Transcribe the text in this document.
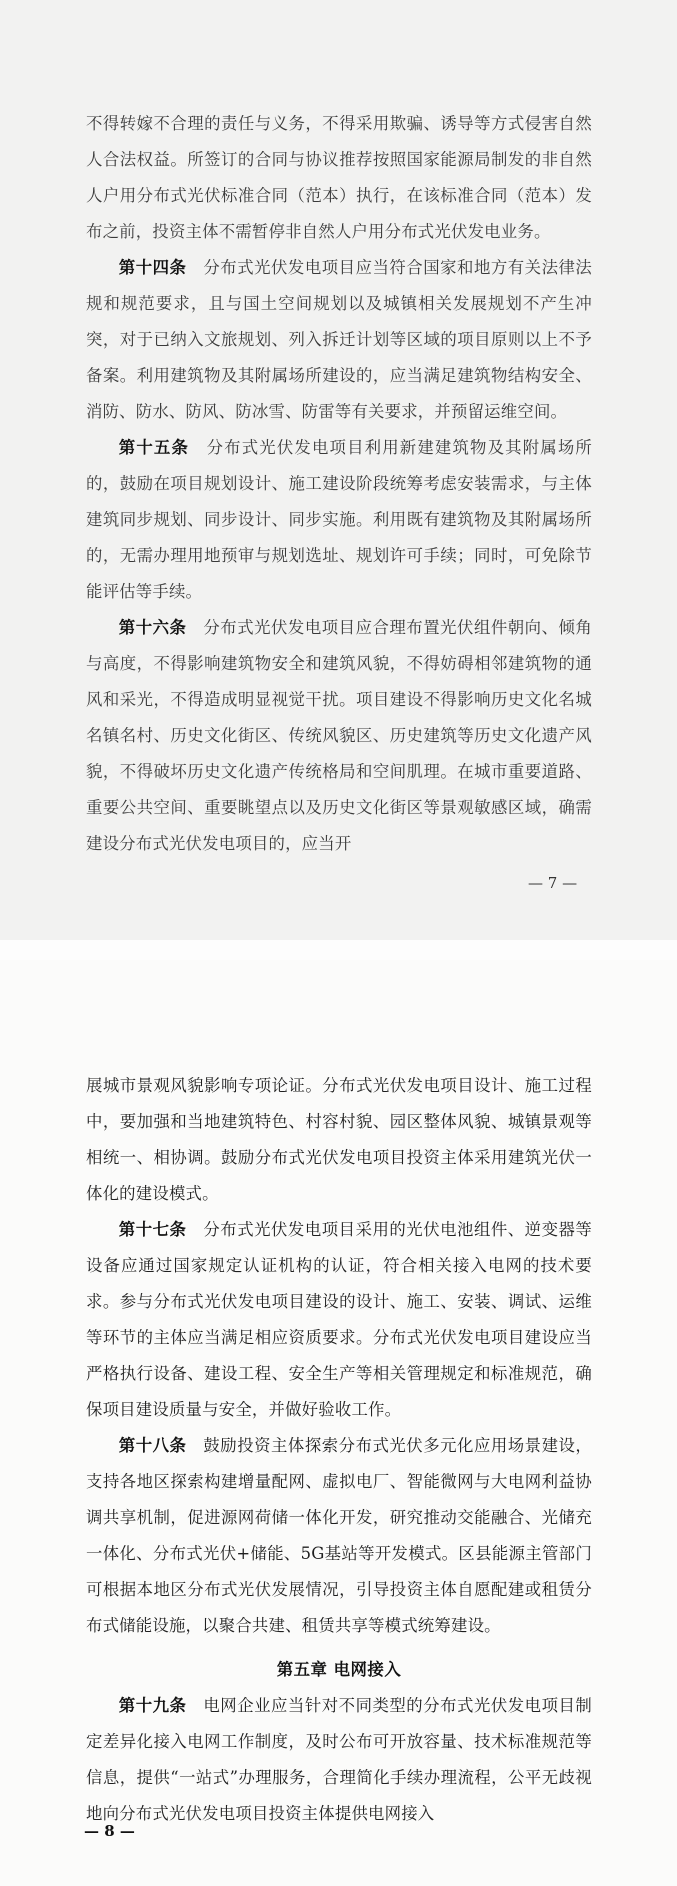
不得转嫁不合理的责任与义务，不得采用欺骗、诱导等方式侵害自然人合法权益。所签订的合同与协议推荐按照国家能源局制发的非自然人户用分布式光伏标准合同（范本）执行，在该标准合同（范本）发布之前，投资主体不需暂停非自然人户用分布式光伏发电业务。

第十四条　 分布式光伏发电项目应当符合国家和地方有关法律法规和规范要求，且与国土空间规划以及城镇相关发展规划不产生冲突，对于已纳入文旅规划、列入拆迁计划等区域的项目原则以上不予备案。利用建筑物及其附属场所建设的，应当满足建筑物结构安全、消防、防水、防风、防冰雪、防雷等有关要求，并预留运维空间。

第十五条　 分布式光伏发电项目利用新建建筑物及其附属场所的，鼓励在项目规划设计、施工建设阶段统筹考虑安装需求，与主体建筑同步规划、同步设计、同步实施。利用既有建筑物及其附属场所的，无需办理用地预审与规划选址、规划许可手续；同时，可免除节能评估等手续。

第十六条　 分布式光伏发电项目应合理布置光伏组件朝向、倾角与高度，不得影响建筑物安全和建筑风貌，不得妨碍相邻建筑物的通风和采光，不得造成明显视觉干扰。项目建设不得影响历史文化名城名镇名村、历史文化街区、传统风貌区、历史建筑等历史文化遗产风貌，不得破坏历史文化遗产传统格局和空间肌理。在城市重要道路、重要公共空间、重要眺望点以及历史文化街区等景观敏感区域，确需建设分布式光伏发电项目的，应当开

— 7 —

展城市景观风貌影响专项论证。分布式光伏发电项目设计、施工过程中，要加强和当地建筑特色、村容村貌、园区整体风貌、城镇景观等相统一、相协调。鼓励分布式光伏发电项目投资主体采用建筑光伏一体化的建设模式。

第十七条　 分布式光伏发电项目采用的光伏电池组件、逆变器等设备应通过国家规定认证机构的认证，符合相关接入电网的技术要求。参与分布式光伏发电项目建设的设计、施工、安装、调试、运维等环节的主体应当满足相应资质要求。分布式光伏发电项目建设应当严格执行设备、建设工程、安全生产等相关管理规定和标准规范，确保项目建设质量与安全，并做好验收工作。

第十八条　 鼓励投资主体探索分布式光伏多元化应用场景建设，支持各地区探索构建增量配网、虚拟电厂、智能微网与大电网利益协调共享机制，促进源网荷储一体化开发，研究推动交能融合、光储充一体化、分布式光伏+储能、5G基站等开发模式。区县能源主管部门可根据本地区分布式光伏发展情况，引导投资主体自愿配建或租赁分布式储能设施，以聚合共建、租赁共享等模式统筹建设。

第五章 电网接入

第十九条　 电网企业应当针对不同类型的分布式光伏发电项目制定差异化接入电网工作制度，及时公布可开放容量、技术标准规范等信息，提供“一站式”办理服务，合理简化手续办理流程，公平无歧视地向分布式光伏发电项目投资主体提供电网接入

— 8 —
